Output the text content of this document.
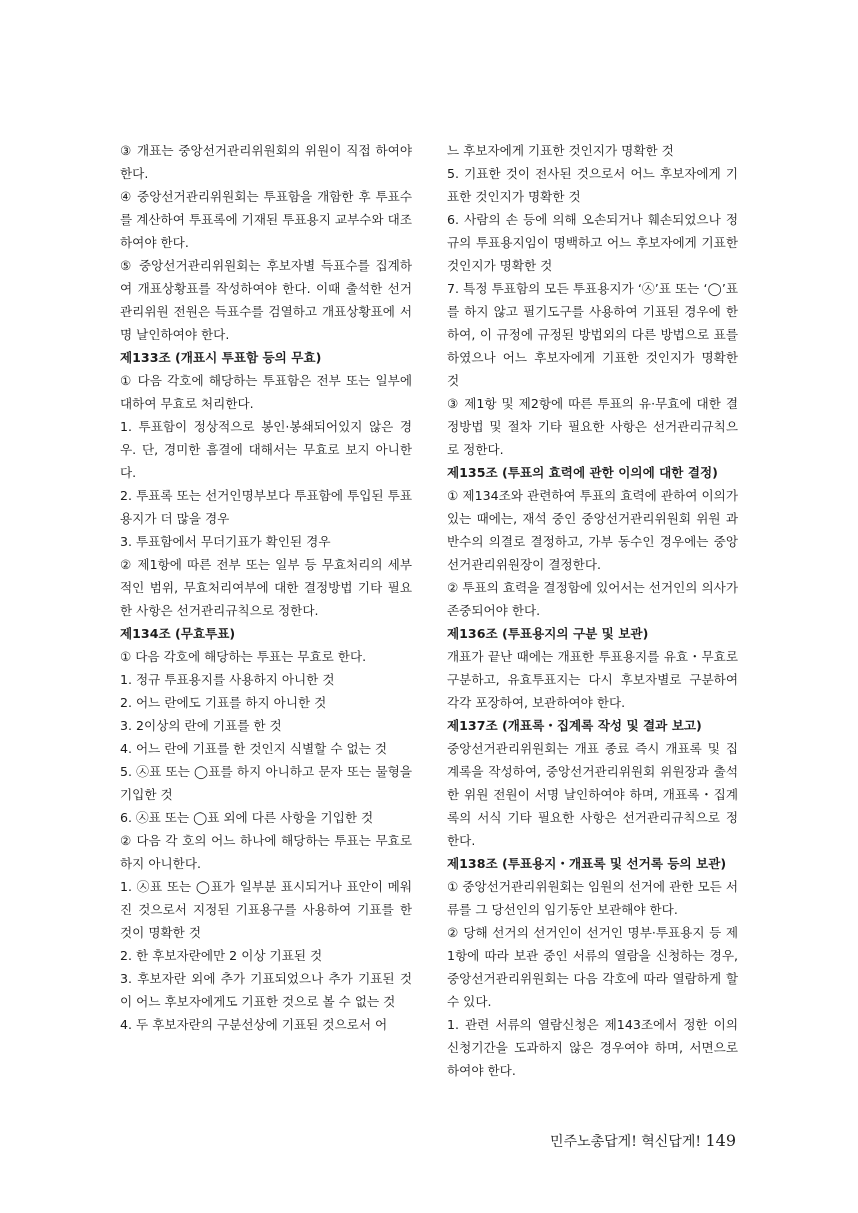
③ 개표는 중앙선거관리위원회의 위원이 직접 하여야 한다.

④ 중앙선거관리위원회는 투표함을 개함한 후 투표수를 계산하여 투표록에 기재된 투표용지 교부수와 대조하여야 한다.

⑤ 중앙선거관리위원회는 후보자별 득표수를 집계하여 개표상황표를 작성하여야 한다. 이때 출석한 선거관리위원 전원은 득표수를 검열하고 개표상황표에 서명 날인하여야 한다.

제133조 (개표시 투표함 등의 무효)

① 다음 각호에 해당하는 투표함은 전부 또는 일부에 대하여 무효로 처리한다.

1. 투표함이 정상적으로 봉인·봉쇄되어있지 않은 경우. 단, 경미한 흠결에 대해서는 무효로 보지 아니한다.

2. 투표록 또는 선거인명부보다 투표함에 투입된 투표용지가 더 많을 경우

3. 투표함에서 무더기표가 확인된 경우

② 제1항에 따른 전부 또는 일부 등 무효처리의 세부적인 범위, 무효처리여부에 대한 결정방법 기타 필요한 사항은 선거관리규칙으로 정한다.

제134조 (무효투표)

① 다음 각호에 해당하는 투표는 무효로 한다.

1. 정규 투표용지를 사용하지 아니한 것

2. 어느 란에도 기표를 하지 아니한 것

3. 2이상의 란에 기표를 한 것

4. 어느 란에 기표를 한 것인지 식별할 수 없는 것

5. ㉦표 또는 ◯표를 하지 아니하고 문자 또는 물형을 기입한 것

6. ㉦표 또는 ◯표 외에 다른 사항을 기입한 것

② 다음 각 호의 어느 하나에 해당하는 투표는 무효로 하지 아니한다.

1. ㉦표 또는 ◯표가 일부분 표시되거나 표안이 메워진 것으로서 지정된 기표용구를 사용하여 기표를 한 것이 명확한 것

2. 한 후보자란에만 2 이상 기표된 것

3. 후보자란 외에 추가 기표되었으나 추가 기표된 것이 어느 후보자에게도 기표한 것으로 볼 수 없는 것

4. 두 후보자란의 구분선상에 기표된 것으로서 어

느 후보자에게 기표한 것인지가 명확한 것

5. 기표한 것이 전사된 것으로서 어느 후보자에게 기표한 것인지가 명확한 것

6. 사람의 손 등에 의해 오손되거나 훼손되었으나 정규의 투표용지임이 명백하고 어느 후보자에게 기표한 것인지가 명확한 것

7. 특정 투표함의 모든 투표용지가 ‘㉦’표 또는 ‘◯’표를 하지 않고 필기도구를 사용하여 기표된 경우에 한하여, 이 규정에 규정된 방법외의 다른 방법으로 표를 하였으나 어느 후보자에게 기표한 것인지가 명확한 것

③ 제1항 및 제2항에 따른 투표의 유·무효에 대한 결정방법 및 절차 기타 필요한 사항은 선거관리규칙으로 정한다.

제135조 (투표의 효력에 관한 이의에 대한 결정)

① 제134조와 관련하여 투표의 효력에 관하여 이의가 있는 때에는, 재석 중인 중앙선거관리위원회 위원 과반수의 의결로 결정하고, 가부 동수인 경우에는 중앙선거관리위원장이 결정한다.

② 투표의 효력을 결정함에 있어서는 선거인의 의사가 존중되어야 한다.

제136조 (투표용지의 구분 및 보관)

개표가 끝난 때에는 개표한 투표용지를 유효・무효로 구분하고, 유효투표지는 다시 후보자별로 구분하여 각각 포장하여, 보관하여야 한다.

제137조 (개표록・집계록 작성 및 결과 보고)

중앙선거관리위원회는 개표 종료 즉시 개표록 및 집계록을 작성하여, 중앙선거관리위원회 위원장과 출석한 위원 전원이 서명 날인하여야 하며, 개표록・집계록의 서식 기타 필요한 사항은 선거관리규칙으로 정한다.

제138조 (투표용지・개표록 및 선거록 등의 보관)

① 중앙선거관리위원회는 임원의 선거에 관한 모든 서류를 그 당선인의 임기동안 보관해야 한다.

② 당해 선거의 선거인이 선거인 명부·투표용지 등 제1항에 따라 보관 중인 서류의 열람을 신청하는 경우, 중앙선거관리위원회는 다음 각호에 따라 열람하게 할 수 있다.

1. 관련 서류의 열람신청은 제143조에서 정한 이의신청기간을 도과하지 않은 경우여야 하며, 서면으로 하여야 한다.

민주노총답게! 혁신답게! 149
